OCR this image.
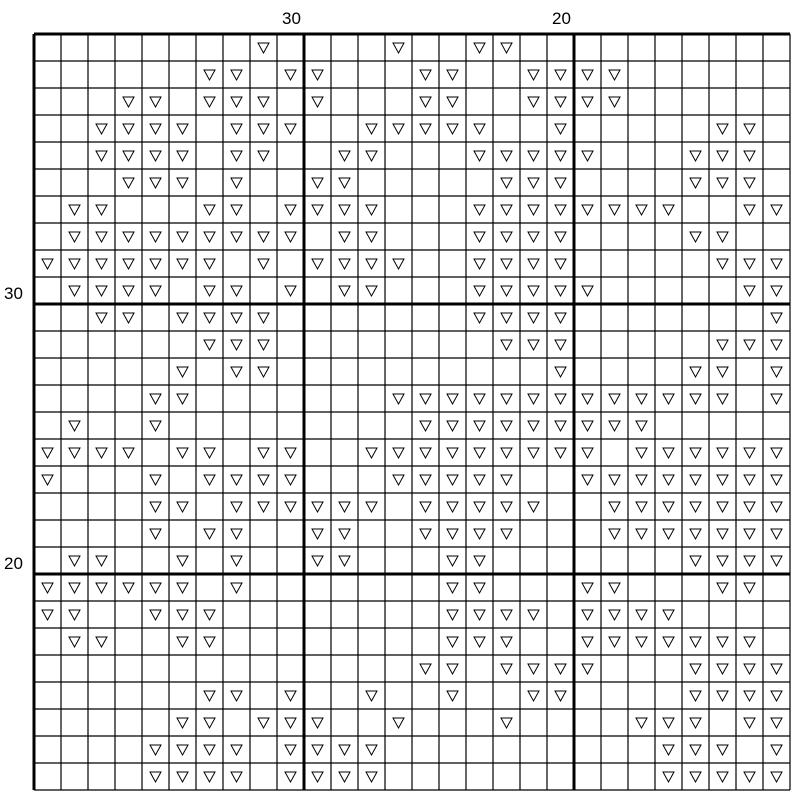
30	20
30
20
